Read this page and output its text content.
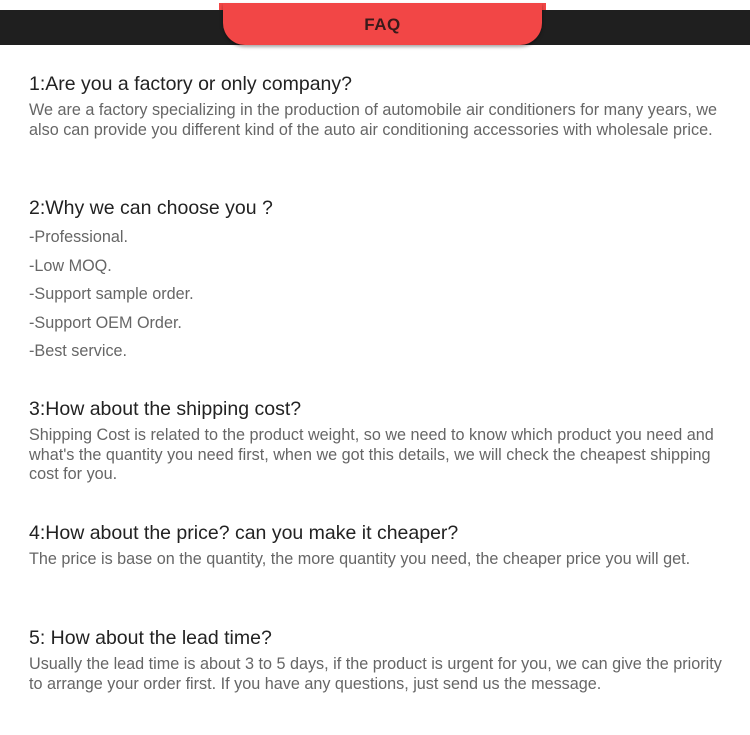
FAQ
1:Are you a factory or only company?

We are a factory specializing in the production of automobile air conditioners for many years, we also can provide you different kind of the auto air conditioning accessories with wholesale price.

2:Why we can choose you ?
-Professional.
-Low MOQ.
-Support sample order.
-Support OEM Order.
-Best service.
3:How about the shipping cost?

Shipping Cost is related to the product weight, so we need to know which product you need and what's the quantity you need first, when we got this details, we will check the cheapest shipping cost for you.

4:How about the price? can you make it cheaper?

The price is base on the quantity, the more quantity you need, the cheaper price you will get.

5: How about the lead time?

Usually the lead time is about 3 to 5 days, if the product is urgent for you, we can give the priority to arrange your order first. If you have any questions, just send us the message.
